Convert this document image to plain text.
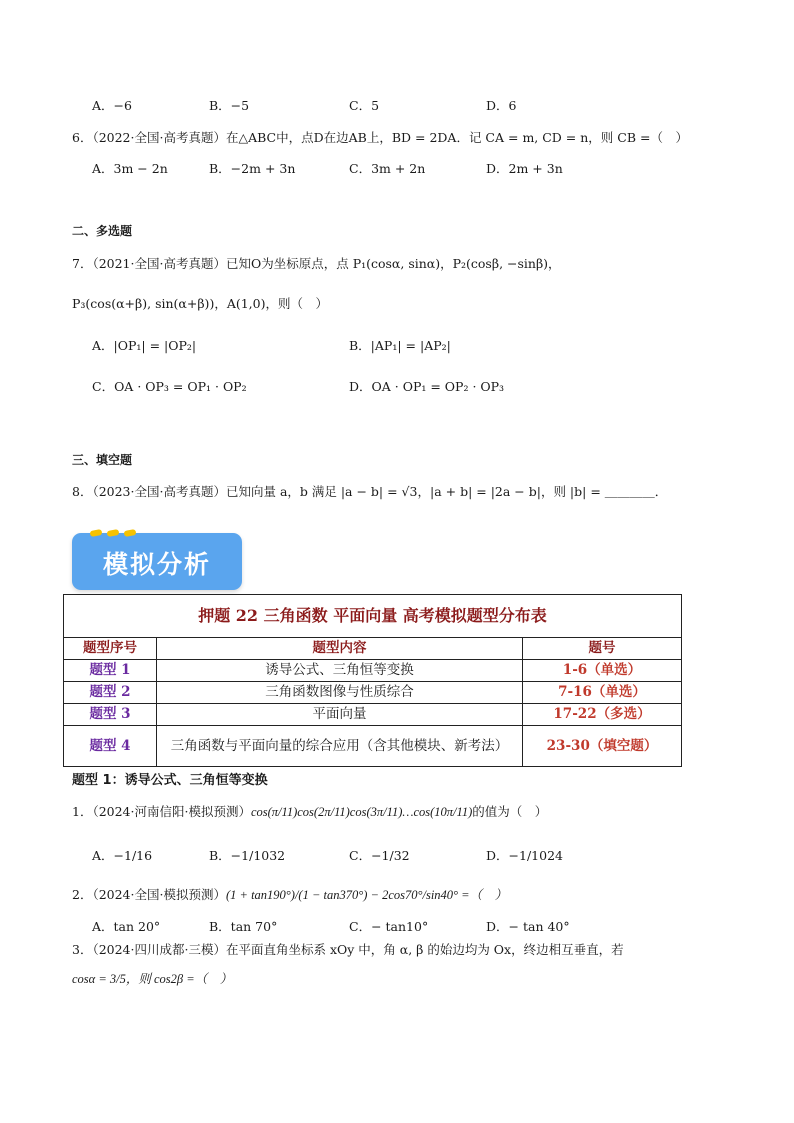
A．−6	B．−5	C．5	D．6
6．（2022·全国·高考真题）在△ABC中，点D在边AB上，BD = 2DA．记 CA = m, CD = n，则 CB =（　）
A．3m − 2n	B．−2m + 3n	C．3m + 2n	D．2m + 3n
二、多选题
7．（2021·全国·高考真题）已知O为坐标原点，点 P₁(cosα, sinα)，P₂(cosβ, −sinβ)，
P₃(cos(α+β), sin(α+β))，A(1,0)，则（　）
A．|OP₁| = |OP₂|	B．|AP₁| = |AP₂|
C．OA · OP₃ = OP₁ · OP₂	D．OA · OP₁ = OP₂ · OP₃
三、填空题
8．（2023·全国·高考真题）已知向量 a，b 满足 |a − b| = √3，|a + b| = |2a − b|，则 |b| = ＿＿＿＿．
模拟分析
押题 22 三角函数 平面向量 高考模拟题型分布表
题型序号	题型内容	题号
题型 1	诱导公式、三角恒等变换	1-6（单选）
题型 2	三角函数图像与性质综合	7-16（单选）
题型 3	平面向量	17-22（多选）
题型 4	三角函数与平面向量的综合应用（含其他模块、新考法）	23-30（填空题）
题型 1：诱导公式、三角恒等变换
1．（2024·河南信阳·模拟预测）cos(π/11)cos(2π/11)cos(3π/11)…cos(10π/11)的值为（　）
A．−1/16	B．−1/1032	C．−1/32	D．−1/1024
2．（2024·全国·模拟预测）(1 + tan190°)/(1 − tan370°) − 2cos70°/sin40° =（　）
A．tan 20°	B．tan 70°	C．− tan10°	D．− tan 40°
3．（2024·四川成都·三模）在平面直角坐标系 xOy 中，角 α, β 的始边均为 Ox，终边相互垂直，若
cosα = 3/5，则 cos2β =（　）
